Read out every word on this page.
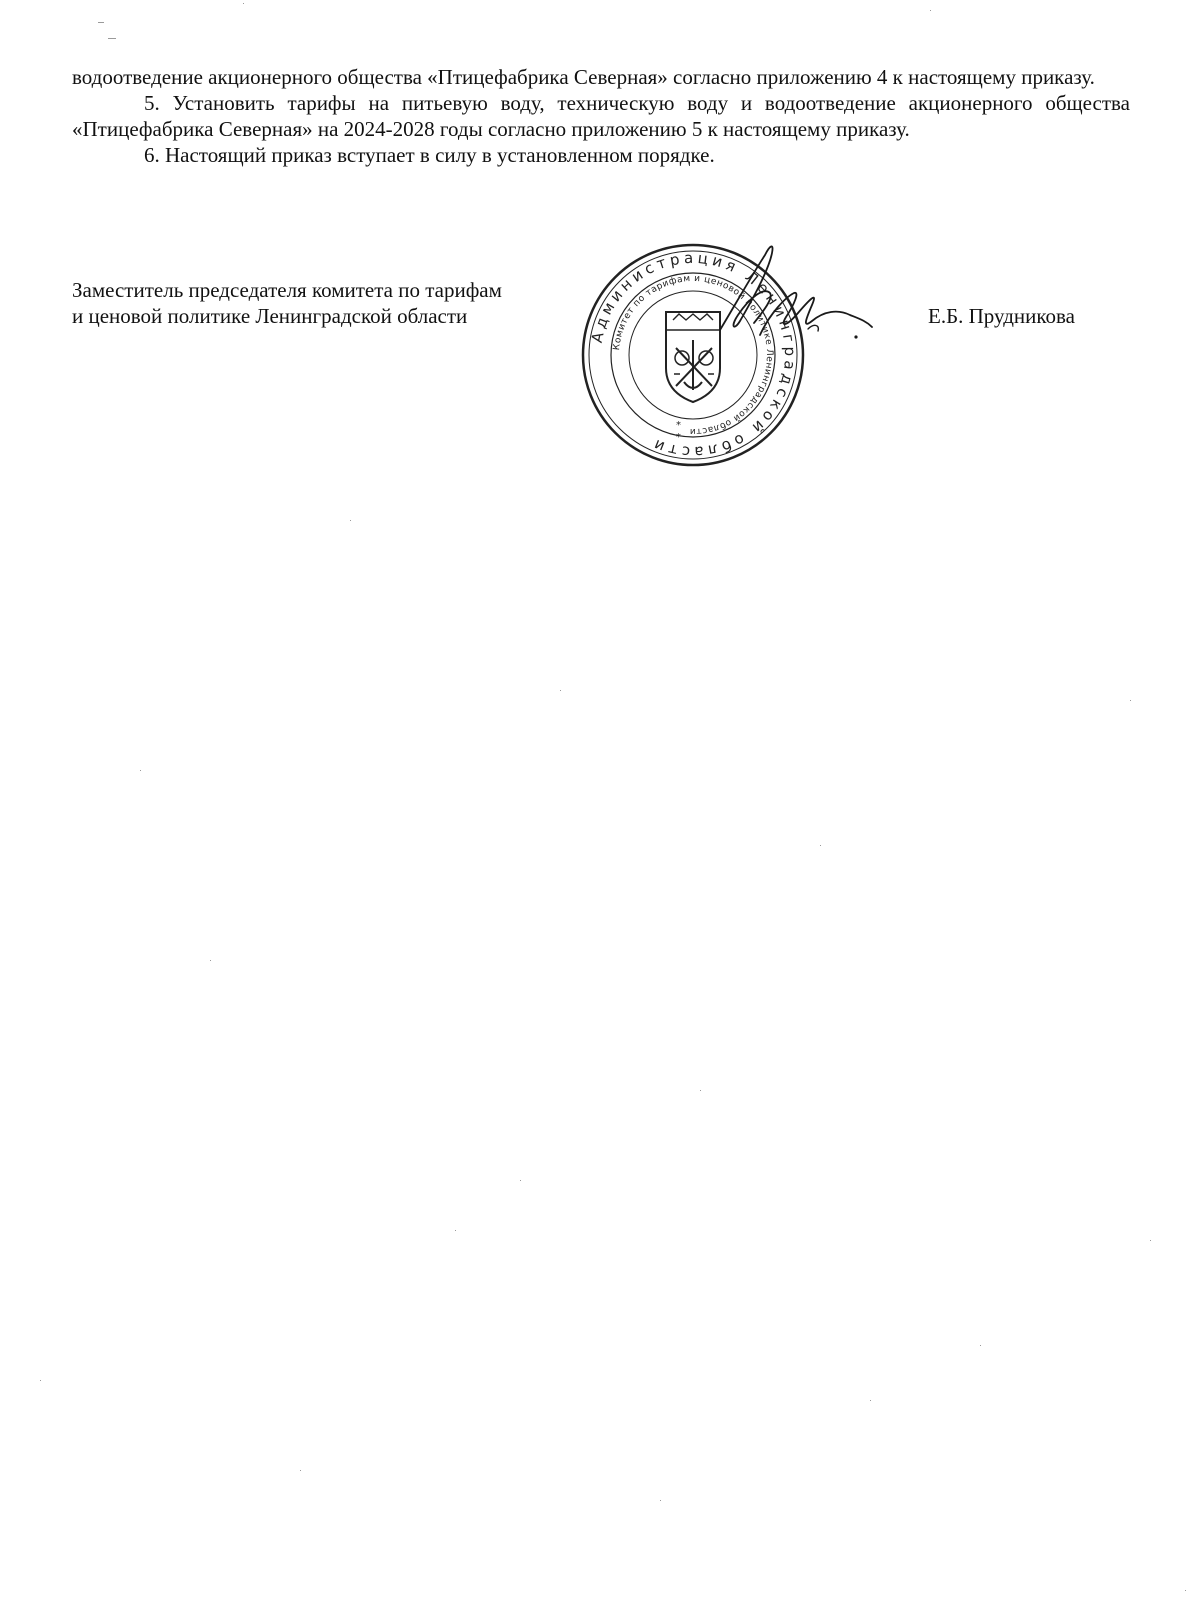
водоотведение акционерного общества «Птицефабрика Северная» согласно приложению 4 к настоящему приказу.

5. Установить тарифы на питьевую воду, техническую воду и водоотведение акционерного общества «Птицефабрика Северная» на 2024-2028 годы согласно приложению 5 к настоящему приказу.

6. Настоящий приказ вступает в силу в установленном порядке.

Заместитель председателя комитета по тарифам
и ценовой политике Ленинградской области	Е.Б. Прудникова
Администрация Ленинградской области
Комитет по тарифам и ценовой политике Ленинградской области
*
*
